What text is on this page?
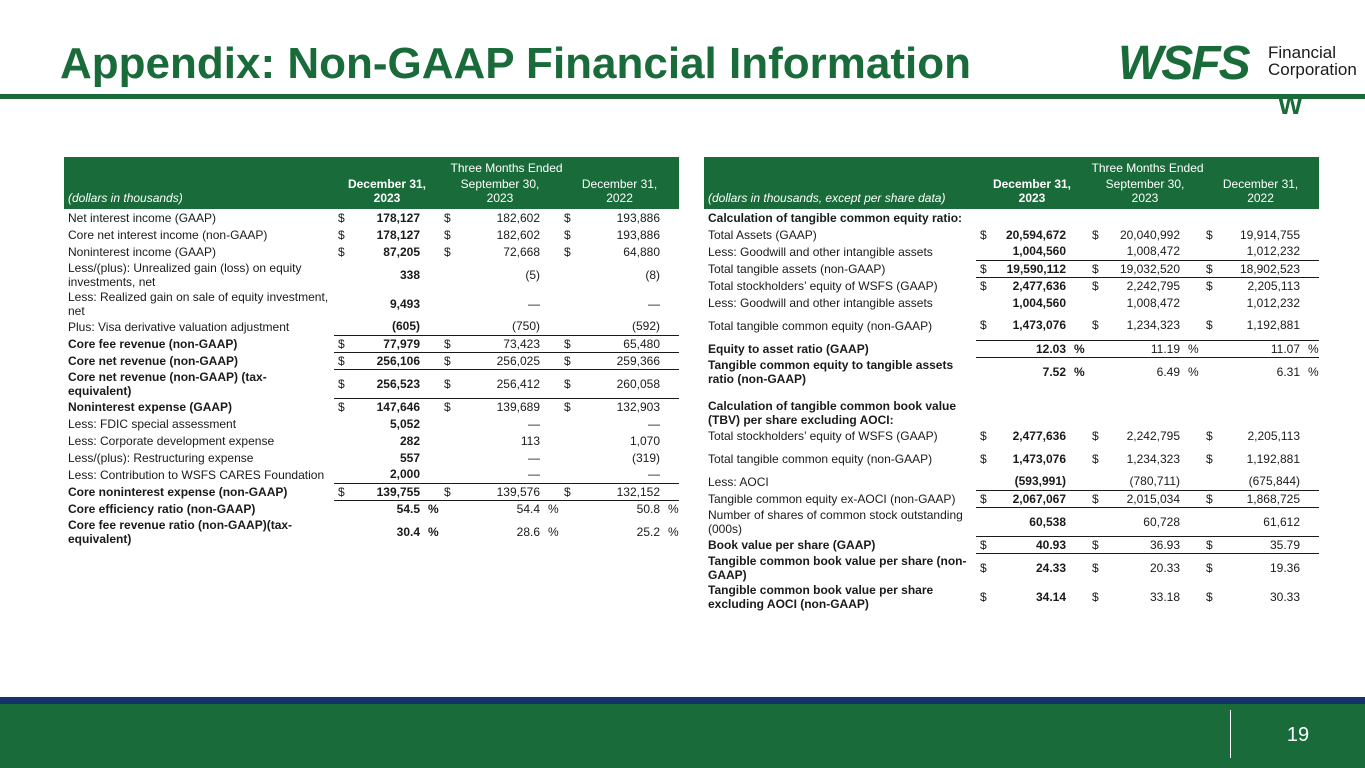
Appendix: Non-GAAP Financial Information	WSFS Financial
Corporation
W
	Three Months Ended								
(dollars in thousands)	December 31,
2023			September 30,
2023			December 31,
2022		
Net interest income (GAAP)	$	178,127		$	182,602		$	193,886	
Core net interest income (non-GAAP)	$	178,127		$	182,602		$	193,886	
Noninterest income (GAAP)	$	87,205		$	72,668		$	64,880	
Less/(plus): Unrealized gain (loss) on equity investments, net		338			(5)			(8)	
Less: Realized gain on sale of equity investment, net		9,493			—			—	
Plus: Visa derivative valuation adjustment		(605)			(750)			(592)	
Core fee revenue (non-GAAP)	$	77,979		$	73,423		$	65,480	
Core net revenue (non-GAAP)	$	256,106		$	256,025		$	259,366	
Core net revenue (non-GAAP) (tax-equivalent)	$	256,523		$	256,412		$	260,058	
Noninterest expense (GAAP)	$	147,646		$	139,689		$	132,903	
Less: FDIC special assessment		5,052			—			—	
Less: Corporate development expense		282			113			1,070	
Less/(plus): Restructuring expense		557			—			(319)	
Less: Contribution to WSFS CARES Foundation		2,000			—			—	
Core noninterest expense (non-GAAP)	$	139,755		$	139,576		$	132,152	
Core efficiency ratio (non-GAAP)		54.5	%		54.4	%		50.8	%
Core fee revenue ratio (non-GAAP)(tax-equivalent)		30.4	%		28.6	%		25.2	%
	Three Months Ended								
(dollars in thousands, except per share data)	December 31,
2023			September 30,
2023			December 31,
2022		
Calculation of tangible common equity ratio:									
Total Assets (GAAP)	$	20,594,672		$	20,040,992		$	19,914,755	
Less: Goodwill and other intangible assets		1,004,560			1,008,472			1,012,232	
Total tangible assets (non-GAAP)	$	19,590,112		$	19,032,520		$	18,902,523	
Total stockholders’ equity of WSFS (GAAP)	$	2,477,636		$	2,242,795		$	2,205,113	
Less: Goodwill and other intangible assets		1,004,560			1,008,472			1,012,232	
Total tangible common equity (non-GAAP)	$	1,473,076		$	1,234,323		$	1,192,881	
Equity to asset ratio (GAAP)		12.03	%		11.19	%		11.07	%
Tangible common equity to tangible assets ratio (non-GAAP)		7.52	%		6.49	%		6.31	%

Calculation of tangible common book value (TBV) per share excluding AOCI:									
Total stockholders’ equity of WSFS (GAAP)	$	2,477,636		$	2,242,795		$	2,205,113	
Total tangible common equity (non-GAAP)	$	1,473,076		$	1,234,323		$	1,192,881	
Less: AOCI		(593,991)			(780,711)			(675,844)	
Tangible common equity ex-AOCI (non-GAAP)	$	2,067,067		$	2,015,034		$	1,868,725	
Number of shares of common stock outstanding (000s)		60,538			60,728			61,612	
Book value per share (GAAP)	$	40.93		$	36.93		$	35.79	
Tangible common book value per share (non-GAAP)	$	24.33		$	20.33		$	19.36	
Tangible common book value per share excluding AOCI (non-GAAP)	$	34.14		$	33.18		$	30.33	
19
